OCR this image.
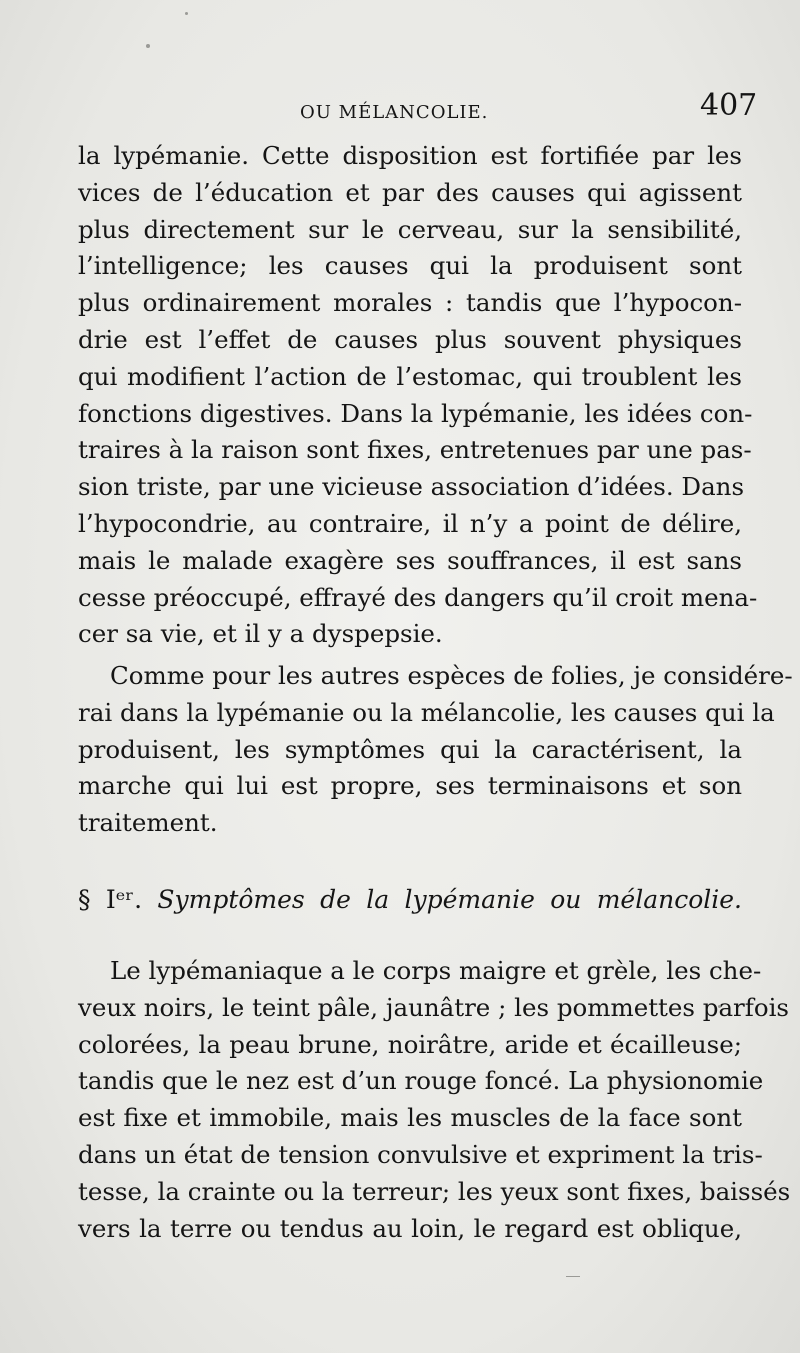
OU MÉLANCOLIE.	407
la lypémanie. Cette disposition est fortifiée par les
vices de l’éducation et par des causes qui agissent
plus directement sur le cerveau, sur la sensibilité,
l’intelligence; les causes qui la produisent sont
plus ordinairement morales : tandis que l’hypocon-
drie est l’effet de causes plus souvent physiques
qui modifient l’action de l’estomac, qui troublent les
fonctions digestives. Dans la lypémanie, les idées con-
traires à la raison sont fixes, entretenues par une pas-
sion triste, par une vicieuse association d’idées. Dans
l’hypocondrie, au contraire, il n’y a point de délire,
mais le malade exagère ses souffrances, il est sans
cesse préoccupé, effrayé des dangers qu’il croit mena-
cer sa vie, et il y a dyspepsie.
Comme pour les autres espèces de folies, je considére-
rai dans la lypémanie ou la mélancolie, les causes qui la
produisent, les symptômes qui la caractérisent, la
marche qui lui est propre, ses terminaisons et son
traitement.
§ Iᵉʳ. Symptômes de la lypémanie ou mélancolie.
Le lypémaniaque a le corps maigre et grèle, les che-
veux noirs, le teint pâle, jaunâtre ; les pommettes parfois
colorées, la peau brune, noirâtre, aride et écailleuse;
tandis que le nez est d’un rouge foncé. La physionomie
est fixe et immobile, mais les muscles de la face sont
dans un état de tension convulsive et expriment la tris-
tesse, la crainte ou la terreur; les yeux sont fixes, baissés
vers la terre ou tendus au loin, le regard est oblique,
